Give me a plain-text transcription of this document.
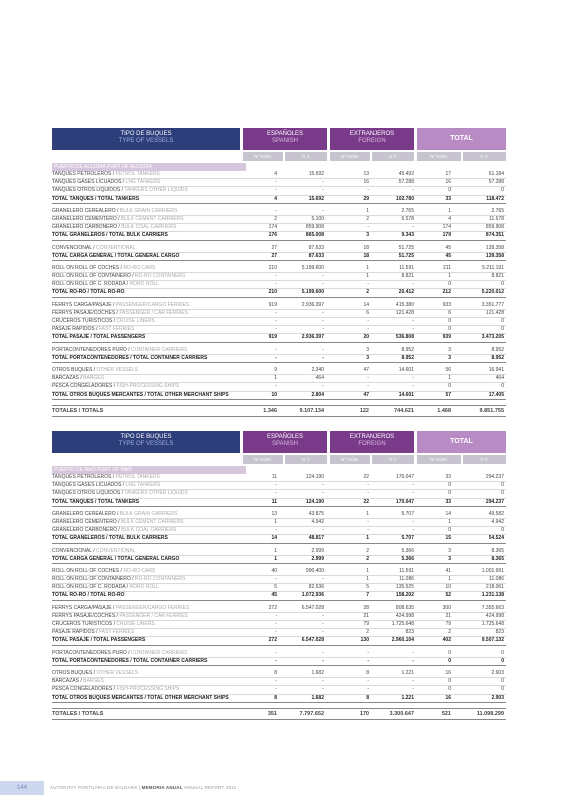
TIPO DE BUQUES
TYPE OF VESSELS
ESPAÑOLES
SPANISH
EXTRANJEROS
FOREIGN	TOTAL
Nº NÚM.	G.T.	Nº NÚM.	G.T.	Nº NÚM.	G.T.
PUERTO DE ALCÚDIA PORT OF ALCÚDIA
TANQUES PETROLEROS / PETROL TANKERS	4	15.692	13	45.492	17	61.184
TANQUES GASES LICUADOS / LNG TANKERS	-	-	16	57.288	16	57.288
TANQUES OTROS LIQUIDOS / TANKERS OTHER LIQUIDS	-	-	-	-	0	0
TOTAL TANQUES / TOTAL TANKERS	4	15.692	29	102.780	33	118.472
GRANELERO CEREALERO / BULK GRAIN CARRIERS	-	-	1	2.765	1	2.765
GRANELERO CEMENTERO / BULK CEMENT CARRIERS	2	5.100	2	6.578	4	11.678
GRANELERO CARBONERO / BULK COAL CARRIERS	174	859.908	-	-	174	859.908
TOTAL GRANELEROS / TOTAL BULK CARRIERS	176	865.008	3	9.343	179	874.351
CONVENCIONAL / CONVENTIONAL	27	87.633	18	51.725	45	139.358
TOTAL CARGA GENERAL / TOTAL GENERAL CARGO	27	87.633	18	51.725	45	139.358
ROLL ON ROLL OF COCHES / RO-RO CARS	210	5.199.600	1	11.591	211	5.211.191
ROLL ON ROLL OF CONTAINERO / RO-RO CONTAINERS	-	-	1	8.821	1	8.821
ROLL ON ROLL OF C. RODADA / RORO ROLL	-	-	-	-	0	0
TOTAL RO-RO / TOTAL RO-RO	210	5.199.600	2	20.412	212	5.220.012
FERRYS CARGA/PASAJE / PASSENGER/CARGO FERRIES	919	2.936.397	14	415.380	933	3.351.777
FERRYS PASAJE/COCHES / PASSENGER / CAR FERRIES	-	-	6	121.428	6	121.428
CRUCEROS TURISTICOS / CRUISE LINERS	-	-	-	-	0	0
PASAJE RAPIDOS / FAST FERRIES	-	-	-	-	0	0
TOTAL PASAJE / TOTAL PASSENGERS	919	2.936.397	20	536.808	939	3.473.205
PORTACONTENEDORES PURO / CONTAINER CARRIERS	-	-	3	8.952	3	8.952
TOTAL PORTACONTENEDORES / TOTAL CONTAINER CARRIERS	-	-	3	8.952	3	8.952
OTROS BUQUES / OTHER VESSELS	9	2.340	47	14.601	56	16.941
BARCAZAS / BARGES	1	464	-	-	1	464
PESCA CONGELADORES / FISH-PROCESSING SHIPS	-	-	-	-	0	0
TOTAL OTROS BUQUES MERCANTES / TOTAL OTHER MERCHANT SHIPS	10	2.804	47	14.601	57	17.405
TOTALES / TOTALS	1.346	9.107.134	122	744.621	1.468	9.851.755
TIPO DE BUQUES
TYPE OF VESSELS
ESPAÑOLES
SPANISH
EXTRANJEROS
FOREIGN	TOTAL
Nº NÚM.	G.T.	Nº NÚM.	G.T.	Nº NÚM.	G.T.
PUERTO DE MAÓ PORT OF MAÓ
TANQUES PETROLEROS / PETROL TANKERS	11	124.190	22	170.047	33	294.237
TANQUES GASES LICUADOS / LNG TANKERS	-	-	-	-	0	0
TANQUES OTROS LIQUIDOS / TANKERS OTHER LIQUIDS	-	-	-	-	0	0
TOTAL TANQUES / TOTAL TANKERS	11	124.190	22	170.047	33	294.237
GRANELERO CEREALERO / BULK GRAIN CARRIERS	13	43.875	1	5.707	14	49.582
GRANELERO CEMENTERO / BULK CEMENT CARRIERS	1	4.942	-	-	1	4.942
GRANELERO CARBONERO / BULK COAL CARRIERS	-	-	-	-	0	0
TOTAL GRANELEROS / TOTAL BULK CARRIERS	14	48.817	1	5.707	15	54.524
CONVENCIONAL / CONVENTIONAL	1	2.999	2	5.366	3	8.365
TOTAL CARGA GENERAL / TOTAL GENERAL CARGO	1	2.999	2	5.366	3	8.365
ROLL ON ROLL OF COCHES / RO-RO CARS	40	990.400	1	11.591	41	1.001.991
ROLL ON ROLL OF CONTAINERO / RO-RO CONTAINERS	-	-	1	11.086	1	11.086
ROLL ON ROLL OF C. RODADA / RORO ROLL	5	82.536	5	135.525	10	218.061
TOTAL RO-RO / TOTAL RO-RO	45	1.072.936	7	158.202	52	1.231.138
FERRYS CARGA/PASAJE / PASSENGER/CARGO FERRIES	272	6.547.028	28	808.635	300	7.355.663
FERRYS PASAJE/COCHES / PASSENGER / CAR FERRIES	-	-	21	424.998	21	424.998
CRUCEROS TURISTICOS / CRUISE LINERS	-	-	79	1.725.648	79	1.725.648
PASAJE RAPIDOS / FAST FERRIES	-	-	2	823	2	823
TOTAL PASAJE / TOTAL PASSENGERS	272	6.547.028	130	2.960.104	402	9.507.132
PORTACONTENEDORES PURO / CONTAINER CARRIERS	-	-	-	-	0	0
TOTAL PORTACONTENEDORES / TOTAL CONTAINER CARRIERS	-	-	-	-	0	0
OTROS BUQUES / OTHER VESSELS	8	1.682	8	1.221	16	2.903
BARCAZAS / BARGES	-	-	-	-	0	0
PESCA CONGELADORES / FISH-PROCESSING SHIPS	-	-	-	-	0	0
TOTAL OTROS BUQUES MERCANTES / TOTAL OTHER MERCHANT SHIPS	8	1.682	8	1.221	16	2.903
TOTALES / TOTALS	351	7.797.652	170	3.300.647	521	11.098.299
144	AUTORITAT PORTUÀRIA DE BALEARS | MEMORIA ANUAL ANNUAL REPORT 2011
